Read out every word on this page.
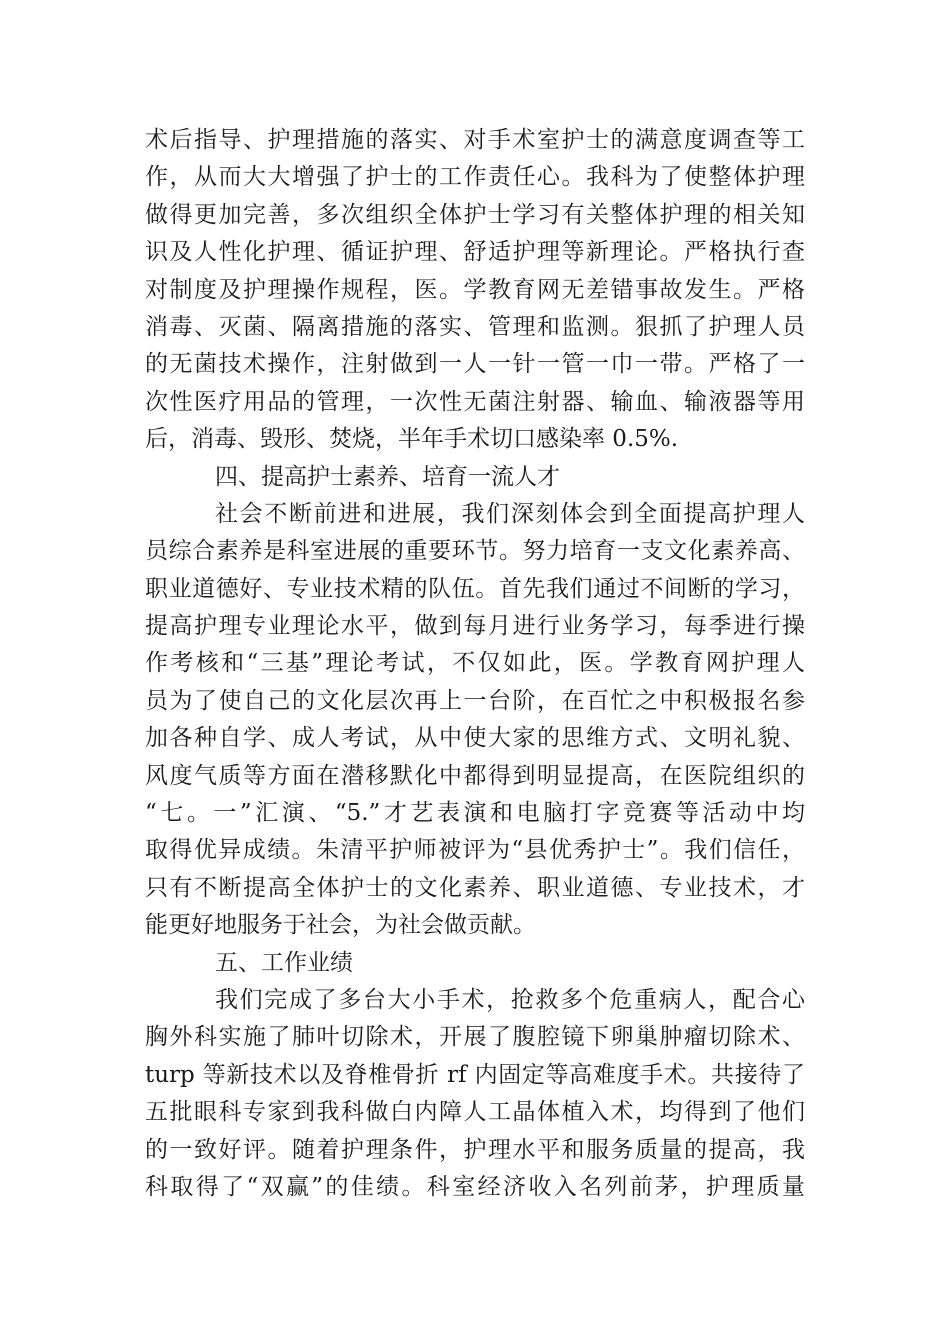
术后指导、护理措施的落实、对手术室护士的满意度调查等工
作，从而大大增强了护士的工作责任心。我科为了使整体护理
做得更加完善，多次组织全体护士学习有关整体护理的相关知
识及人性化护理、循证护理、舒适护理等新理论。严格执行查
对制度及护理操作规程，医。学教育网无差错事故发生。严格
消毒、灭菌、隔离措施的落实、管理和监测。狠抓了护理人员
的无菌技术操作，注射做到一人一针一管一巾一带。严格了一
次性医疗用品的管理，一次性无菌注射器、输血、输液器等用
后，消毒、毁形、焚烧，半年手术切口感染率 0.5%.
四、提高护士素养、培育一流人才
社会不断前进和进展，我们深刻体会到全面提高护理人
员综合素养是科室进展的重要环节。努力培育一支文化素养高、
职业道德好、专业技术精的队伍。首先我们通过不间断的学习，
提高护理专业理论水平，做到每月进行业务学习，每季进行操
作考核和“三基”理论考试，不仅如此，医。学教育网护理人
员为了使自己的文化层次再上一台阶，在百忙之中积极报名参
加各种自学、成人考试，从中使大家的思维方式、文明礼貌、
风度气质等方面在潜移默化中都得到明显提高，在医院组织的
“七。一”汇演、“5.”才艺表演和电脑打字竞赛等活动中均
取得优异成绩。朱清平护师被评为“县优秀护士”。我们信任，
只有不断提高全体护士的文化素养、职业道德、专业技术，才
能更好地服务于社会，为社会做贡献。
五、工作业绩
我们完成了多台大小手术，抢救多个危重病人，配合心
胸外科实施了肺叶切除术，开展了腹腔镜下卵巢肿瘤切除术、
turp 等新技术以及脊椎骨折 rf 内固定等高难度手术。共接待了
五批眼科专家到我科做白内障人工晶体植入术，均得到了他们
的一致好评。随着护理条件，护理水平和服务质量的提高，我
科取得了“双赢”的佳绩。科室经济收入名列前茅，护理质量
